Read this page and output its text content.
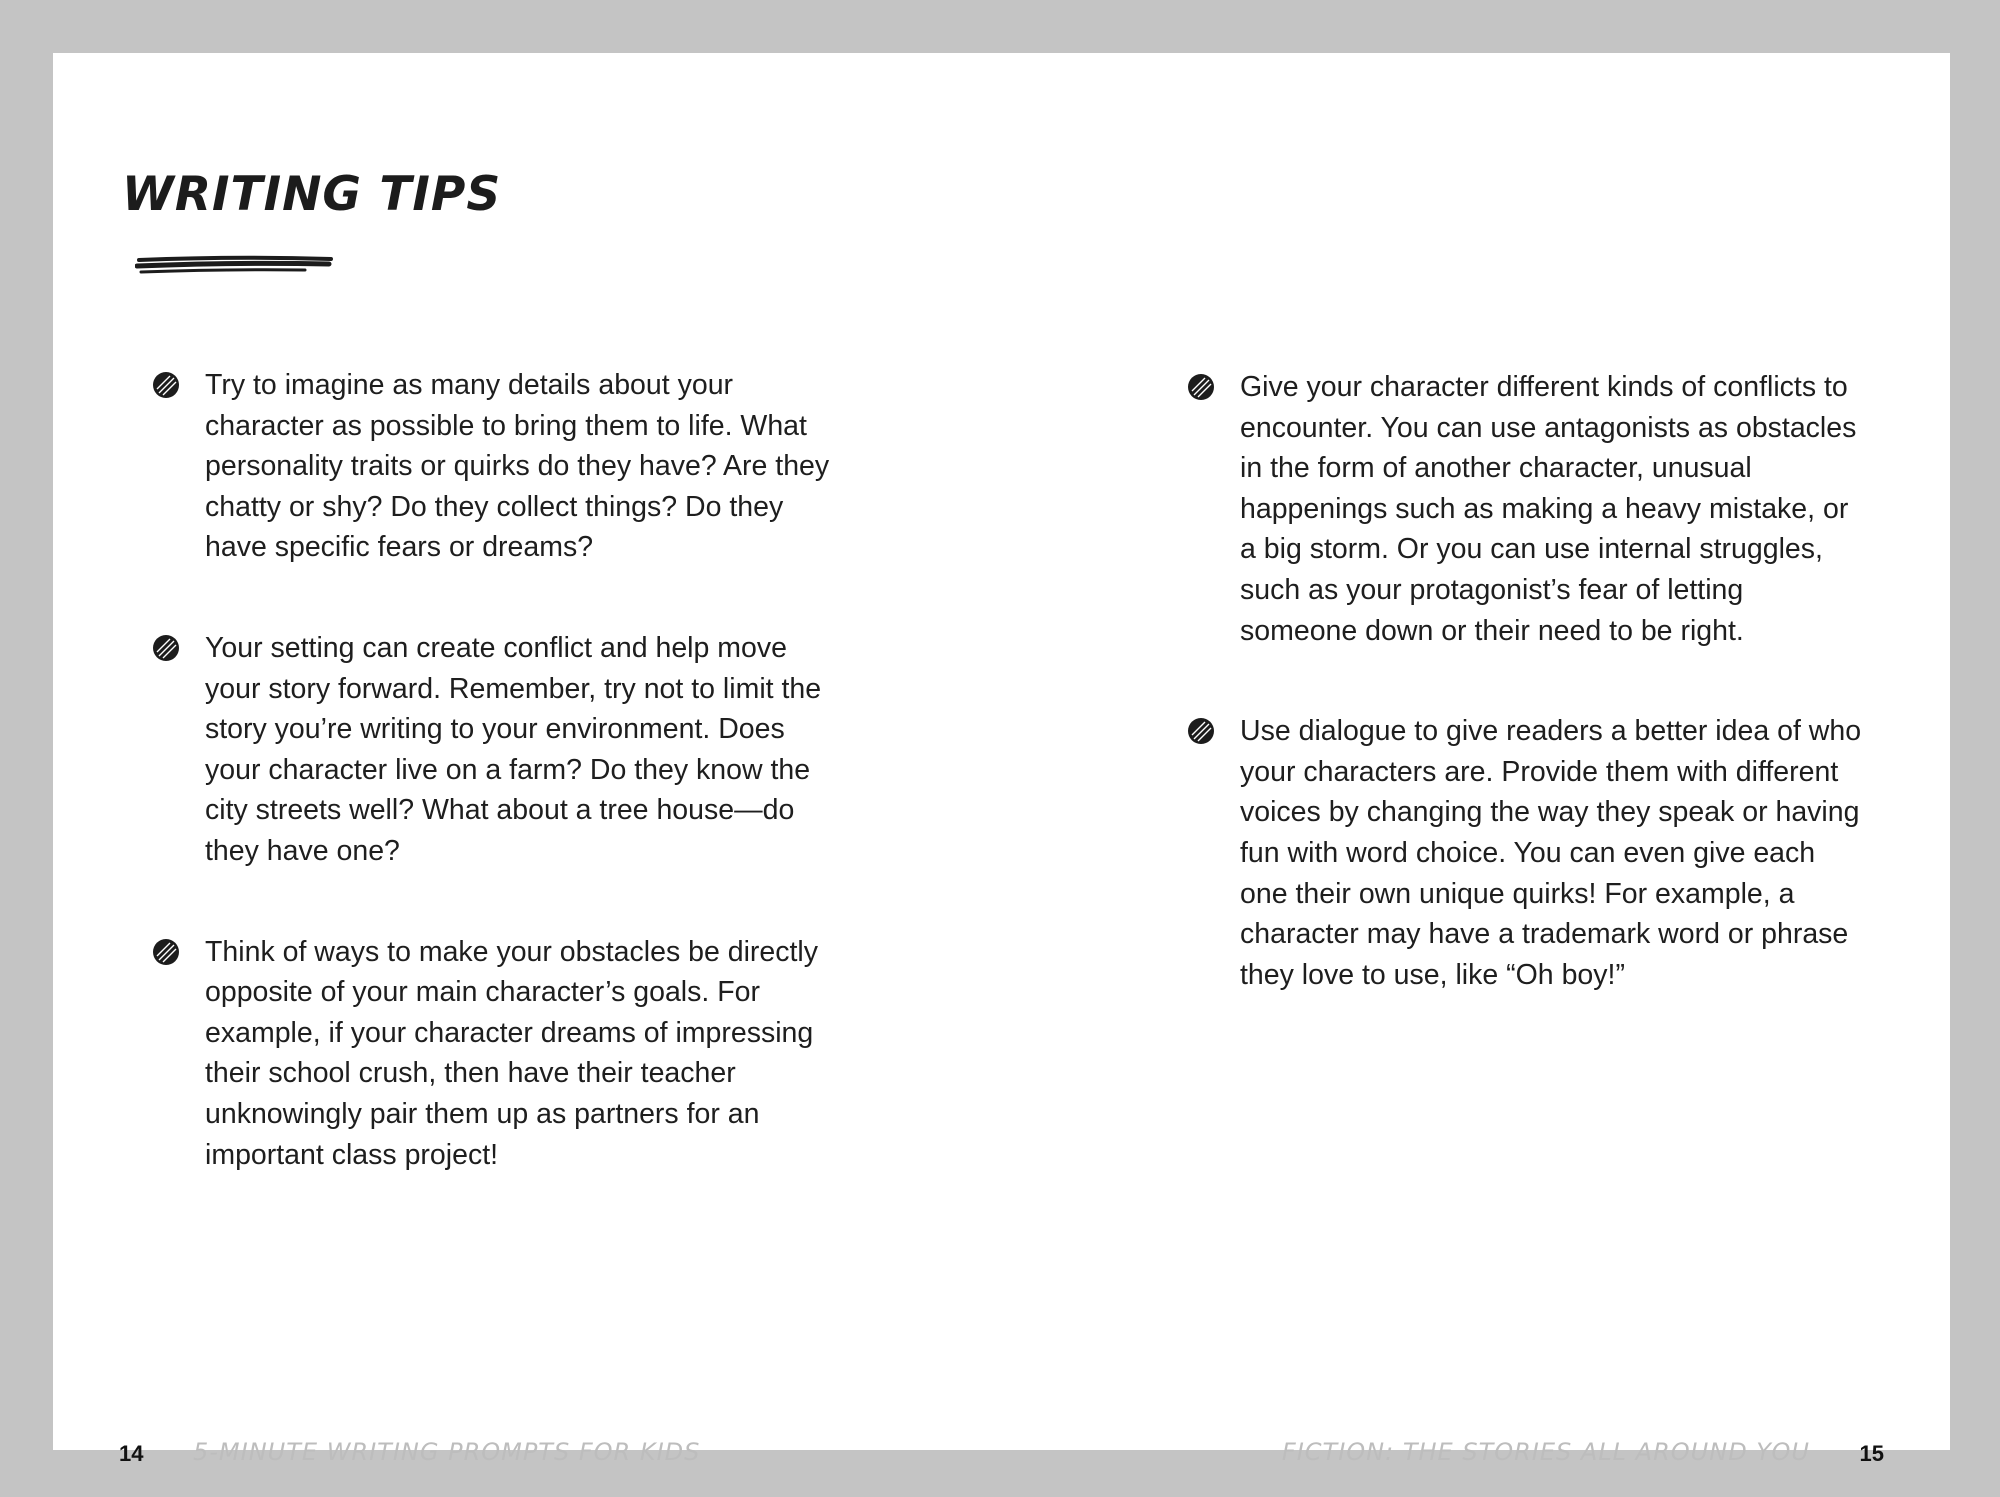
WRITING TIPS

Try to imagine as many details about your character as possible to bring them to life. What personality traits or quirks do they have? Are they chatty or shy? Do they collect things? Do they have specific fears or dreams?

Your setting can create conflict and help move your story forward. Remember, try not to limit the story you’re writing to your environment. Does your character live on a farm? Do they know the city streets well? What about a tree house—do they have one?

Think of ways to make your obstacles be directly opposite of your main character’s goals. For example, if your character dreams of impressing their school crush, then have their teacher unknowingly pair them up as partners for an important class project!

Give your character different kinds of conflicts to encounter. You can use antagonists as obstacles in the form of another character, unusual happenings such as making a heavy mistake, or a big storm. Or you can use internal struggles, such as your protagonist’s fear of letting someone down or their need to be right.

Use dialogue to give readers a better idea of who your characters are. Provide them with different voices by changing the way they speak or having fun with word choice. You can even give each one their own unique quirks! For example, a character may have a trademark word or phrase they love to use, like “Oh boy!”

14 5-MINUTE WRITING PROMPTS FOR KIDS	FICTION: THE STORIES ALL AROUND YOU 15
